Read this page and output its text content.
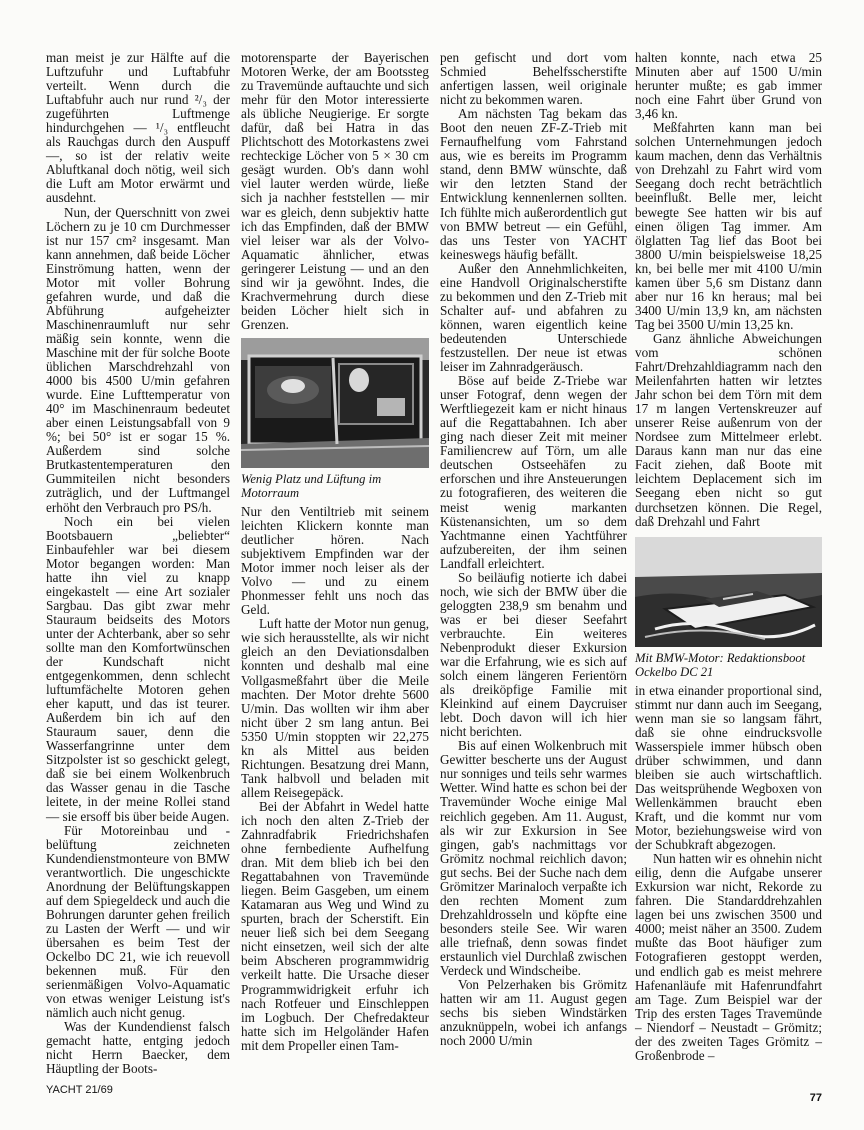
man meist je zur Hälfte auf die Luftzufuhr und Luftabfuhr verteilt. Wenn durch die Luftabfuhr auch nur rund ²/₃ der zugeführten Luftmenge hindurchgehen — ¹/₃ entfleucht als Rauchgas durch den Auspuff —, so ist der relativ weite Abluftkanal doch nötig, weil sich die Luft am Motor erwärmt und ausdehnt.

Nun, der Querschnitt von zwei Löchern zu je 10 cm Durchmesser ist nur 157 cm² insgesamt. Man kann annehmen, daß beide Löcher Einströmung hatten, wenn der Motor mit voller Bohrung gefahren wurde, und daß die Abführung aufgeheizter Maschinenraumluft nur sehr mäßig sein konnte, wenn die Maschine mit der für solche Boote üblichen Marschdrehzahl von 4000 bis 4500 U/min gefahren wurde. Eine Lufttemperatur von 40° im Maschinenraum bedeutet aber einen Leistungsabfall von 9 %; bei 50° ist er sogar 15 %. Außerdem sind solche Brutkastentemperaturen den Gummiteilen nicht besonders zuträglich, und der Luftmangel erhöht den Verbrauch pro PS/h.

Noch ein bei vielen Bootsbauern „beliebter“ Einbaufehler war bei diesem Motor begangen worden: Man hatte ihn viel zu knapp eingekastelt — eine Art sozialer Sargbau. Das gibt zwar mehr Stauraum beidseits des Motors unter der Achterbank, aber so sehr sollte man den Komfortwünschen der Kundschaft nicht entgegenkommen, denn schlecht luftumfächelte Motoren gehen eher kaputt, und das ist teurer. Außerdem bin ich auf den Stauraum sauer, denn die Wasserfangrinne unter dem Sitzpolster ist so geschickt gelegt, daß sie bei einem Wolkenbruch das Wasser genau in die Tasche leitete, in der meine Rollei stand — sie ersoff bis über beide Augen.

Für Motoreinbau und -belüftung zeichneten Kundendienstmonteure von BMW verantwortlich. Die ungeschickte Anordnung der Belüftungskappen auf dem Spiegeldeck und auch die Bohrungen darunter gehen freilich zu Lasten der Werft — und wir übersahen es beim Test der Ockelbo DC 21, wie ich reuevoll bekennen muß. Für den serienmäßigen Volvo-Aquamatic von etwas weniger Leistung ist's nämlich auch nicht genug.

Was der Kundendienst falsch gemacht hatte, entging jedoch nicht Herrn Baecker, dem Häuptling der Boots-

motorensparte der Bayerischen Motoren Werke, der am Bootssteg zu Travemünde auftauchte und sich mehr für den Motor interessierte als übliche Neugierige. Er sorgte dafür, daß bei Hatra in das Plichtschott des Motorkastens zwei rechteckige Löcher von 5 × 30 cm gesägt wurden. Ob's dann wohl viel lauter werden würde, ließe sich ja nachher feststellen — mir war es gleich, denn subjektiv hatte ich das Empfinden, daß der BMW viel leiser war als der Volvo-Aquamatic ähnlicher, etwas geringerer Leistung — und an den sind wir ja gewöhnt. Indes, die Krachvermehrung durch diese beiden Löcher hielt sich in Grenzen.

Wenig Platz und Lüftung im Motorraum

Nur den Ventiltrieb mit seinem leichten Klickern konnte man deutlicher hören. Nach subjektivem Empfinden war der Motor immer noch leiser als der Volvo — und zu einem Phonmesser fehlt uns noch das Geld.

Luft hatte der Motor nun genug, wie sich herausstellte, als wir nicht gleich an den Deviationsdalben konnten und deshalb mal eine Vollgasmeßfahrt über die Meile machten. Der Motor drehte 5600 U/min. Das wollten wir ihm aber nicht über 2 sm lang antun. Bei 5350 U/min stoppten wir 22,275 kn als Mittel aus beiden Richtungen. Besatzung drei Mann, Tank halbvoll und beladen mit allem Reisegepäck.

Bei der Abfahrt in Wedel hatte ich noch den alten Z-Trieb der Zahnradfabrik Friedrichshafen ohne fernbediente Aufhelfung dran. Mit dem blieb ich bei den Regattabahnen von Travemünde liegen. Beim Gasgeben, um einem Katamaran aus Weg und Wind zu spurten, brach der Scherstift. Ein neuer ließ sich bei dem Seegang nicht einsetzen, weil sich der alte beim Abscheren programmwidrig verkeilt hatte. Die Ursache dieser Programmwidrigkeit erfuhr ich nach Rotfeuer und Einschleppen im Logbuch. Der Chefredakteur hatte sich im Helgoländer Hafen mit dem Propeller einen Tam-

pen gefischt und dort vom Schmied Behelfsscherstifte anfertigen lassen, weil originale nicht zu bekommen waren.

Am nächsten Tag bekam das Boot den neuen ZF-Z-Trieb mit Fernaufhelfung vom Fahrstand aus, wie es bereits im Programm stand, denn BMW wünschte, daß wir den letzten Stand der Entwicklung kennenlernen sollten. Ich fühlte mich außerordentlich gut von BMW betreut — ein Gefühl, das uns Tester von YACHT keineswegs häufig befällt.

Außer den Annehmlichkeiten, eine Handvoll Originalscherstifte zu bekommen und den Z-Trieb mit Schalter auf- und abfahren zu können, waren eigentlich keine bedeutenden Unterschiede festzustellen. Der neue ist etwas leiser im Zahnradgeräusch.

Böse auf beide Z-Triebe war unser Fotograf, denn wegen der Werftliegezeit kam er nicht hinaus auf die Regattabahnen. Ich aber ging nach dieser Zeit mit meiner Familiencrew auf Törn, um alle deutschen Ostseehäfen zu erforschen und ihre Ansteuerungen zu fotografieren, des weiteren die meist wenig markanten Küstenansichten, um so dem Yachtmanne einen Yachtführer aufzubereiten, der ihm seinen Landfall erleichtert.

So beiläufig notierte ich dabei noch, wie sich der BMW über die geloggten 238,9 sm benahm und was er bei dieser Seefahrt verbrauchte. Ein weiteres Nebenprodukt dieser Exkursion war die Erfahrung, wie es sich auf solch einem längeren Ferientörn als dreiköpfige Familie mit Kleinkind auf einem Daycruiser lebt. Doch davon will ich hier nicht berichten.

Bis auf einen Wolkenbruch mit Gewitter bescherte uns der August nur sonniges und teils sehr warmes Wetter. Wind hatte es schon bei der Travemünder Woche einige Mal reichlich gegeben. Am 11. August, als wir zur Exkursion in See gingen, gab's nachmittags vor Grömitz nochmal reichlich davon; gut sechs. Bei der Suche nach dem Grömitzer Marinaloch verpaßte ich den rechten Moment zum Drehzahldrosseln und köpfte eine besonders steile See. Wir waren alle triefnaß, denn sowas findet erstaunlich viel Durchlaß zwischen Verdeck und Windscheibe.

Von Pelzerhaken bis Grömitz hatten wir am 11. August gegen sechs bis sieben Windstärken anzuknüppeln, wobei ich anfangs noch 2000 U/min

halten konnte, nach etwa 25 Minuten aber auf 1500 U/min herunter mußte; es gab immer noch eine Fahrt über Grund von 3,46 kn.

Meßfahrten kann man bei solchen Unternehmungen jedoch kaum machen, denn das Verhältnis von Drehzahl zu Fahrt wird vom Seegang doch recht beträchtlich beeinflußt. Belle mer, leicht bewegte See hatten wir bis auf einen öligen Tag immer. Am ölglatten Tag lief das Boot bei 3800 U/min beispielsweise 18,25 kn, bei belle mer mit 4100 U/min kamen über 5,6 sm Distanz dann aber nur 16 kn heraus; mal bei 3400 U/min 13,9 kn, am nächsten Tag bei 3500 U/min 13,25 kn.

Ganz ähnliche Abweichungen vom schönen Fahrt/Drehzahldiagramm nach den Meilenfahrten hatten wir letztes Jahr schon bei dem Törn mit dem 17 m langen Vertenskreuzer auf unserer Reise außenrum von der Nordsee zum Mittelmeer erlebt. Daraus kann man nur das eine Facit ziehen, daß Boote mit leichtem Deplacement sich im Seegang eben nicht so gut durchsetzen können. Die Regel, daß Drehzahl und Fahrt

Mit BMW-Motor: Redaktionsboot Ockelbo DC 21

in etwa einander proportional sind, stimmt nur dann auch im Seegang, wenn man sie so langsam fährt, daß sie ohne eindrucksvolle Wasserspiele immer hübsch oben drüber schwimmen, und dann bleiben sie auch wirtschaftlich. Das weitsprühende Wegboxen von Wellenkämmen braucht eben Kraft, und die kommt nur vom Motor, beziehungsweise wird von der Schubkraft abgezogen.

Nun hatten wir es ohnehin nicht eilig, denn die Aufgabe unserer Exkursion war nicht, Rekorde zu fahren. Die Standarddrehzahlen lagen bei uns zwischen 3500 und 4000; meist näher an 3500. Zudem mußte das Boot häufiger zum Fotografieren gestoppt werden, und endlich gab es meist mehrere Hafenanläufe mit Hafenrundfahrt am Tage. Zum Beispiel war der Trip des ersten Tages Travemünde – Niendorf – Neustadt – Grömitz; der des zweiten Tages Grömitz – Großenbrode –

YACHT 21/69
77
